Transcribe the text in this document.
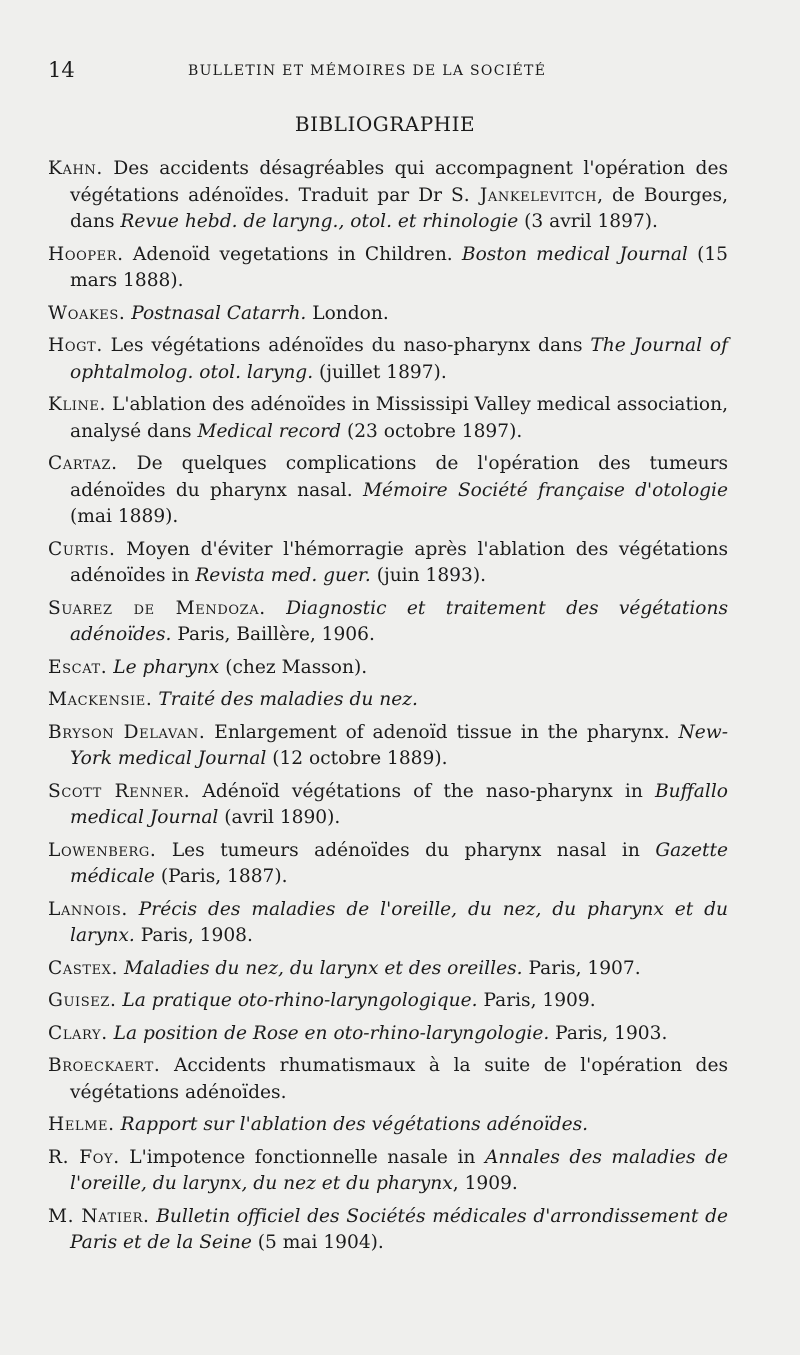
14	BULLETIN ET MÉMOIRES DE LA SOCIÉTÉ
BIBLIOGRAPHIE

Kahn. Des accidents désagréables qui accompagnent l'opération des végétations adénoïdes. Traduit par Dr S. Jankelevitch, de Bourges, dans Revue hebd. de laryng., otol. et rhinologie (3 avril 1897).

Hooper. Adenoïd vegetations in Children. Boston medical Journal (15 mars 1888).

Woakes. Postnasal Catarrh. London.

Hogt. Les végétations adénoïdes du naso-pharynx dans The Journal of ophtalmolog. otol. laryng. (juillet 1897).

Kline. L'ablation des adénoïdes in Mississipi Valley medical association, analysé dans Medical record (23 octobre 1897).

Cartaz. De quelques complications de l'opération des tumeurs adénoïdes du pharynx nasal. Mémoire Société française d'otologie (mai 1889).

Curtis. Moyen d'éviter l'hémorragie après l'ablation des végétations adénoïdes in Revista med. guer. (juin 1893).

Suarez de Mendoza. Diagnostic et traitement des végétations adénoïdes. Paris, Baillère, 1906.

Escat. Le pharynx (chez Masson).

Mackensie. Traité des maladies du nez.

Bryson Delavan. Enlargement of adenoïd tissue in the pharynx. New-York medical Journal (12 octobre 1889).

Scott Renner. Adénoïd végétations of the naso-pharynx in Buffallo medical Journal (avril 1890).

Lowenberg. Les tumeurs adénoïdes du pharynx nasal in Gazette médicale (Paris, 1887).

Lannois. Précis des maladies de l'oreille, du nez, du pharynx et du larynx. Paris, 1908.

Castex. Maladies du nez, du larynx et des oreilles. Paris, 1907.

Guisez. La pratique oto-rhino-laryngologique. Paris, 1909.

Clary. La position de Rose en oto-rhino-laryngologie. Paris, 1903.

Broeckaert. Accidents rhumatismaux à la suite de l'opération des végétations adénoïdes.

Helme. Rapport sur l'ablation des végétations adénoïdes.

R. Foy. L'impotence fonctionnelle nasale in Annales des maladies de l'oreille, du larynx, du nez et du pharynx, 1909.

M. Natier. Bulletin officiel des Sociétés médicales d'arrondissement de Paris et de la Seine (5 mai 1904).
